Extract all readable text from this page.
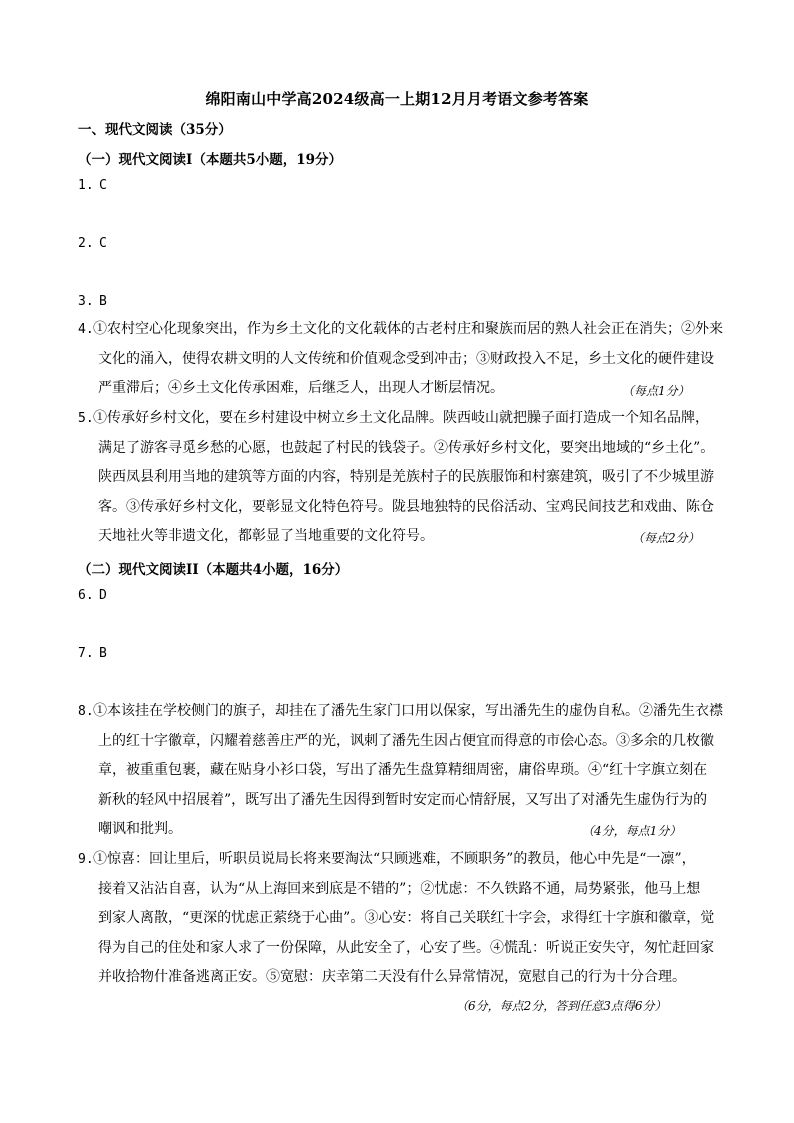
绵阳南山中学高2024级高一上期12月月考语文参考答案
一、现代文阅读（35分）
（一）现代文阅读Ⅰ（本题共5小题，19分）
1. C
2. C
3. B
4. ①农村空心化现象突出，作为乡土文化的文化载体的古老村庄和聚族而居的熟人社会正在消失；②外来
文化的涌入，使得农耕文明的人文传统和价值观念受到冲击；③财政投入不足，乡土文化的硬件建设
严重滞后；④乡土文化传承困难，后继乏人，出现人才断层情况。	（每点1分）
5. ①传承好乡村文化，要在乡村建设中树立乡土文化品牌。陕西岐山就把臊子面打造成一个知名品牌，
满足了游客寻觅乡愁的心愿，也鼓起了村民的钱袋子。②传承好乡村文化，要突出地域的“乡土化”。
陕西凤县利用当地的建筑等方面的内容，特别是羌族村子的民族服饰和村寨建筑，吸引了不少城里游
客。③传承好乡村文化，要彰显文化特色符号。陇县地独特的民俗活动、宝鸡民间技艺和戏曲、陈仓
天地社火等非遗文化，都彰显了当地重要的文化符号。	（每点2分）
（二）现代文阅读II（本题共4小题，16分）
6. D
7. B
8. ①本该挂在学校侧门的旗子，却挂在了潘先生家门口用以保家，写出潘先生的虚伪自私。②潘先生衣襟
上的红十字徽章，闪耀着慈善庄严的光，讽刺了潘先生因占便宜而得意的市侩心态。③多余的几枚徽
章，被重重包裹，藏在贴身小衫口袋，写出了潘先生盘算精细周密，庸俗卑琐。④“红十字旗立刻在
新秋的轻风中招展着”，既写出了潘先生因得到暂时安定而心情舒展，又写出了对潘先生虚伪行为的
嘲讽和批判。	（4分，每点1分）
9. ①惊喜：回让里后，听职员说局长将来要淘汰“只顾逃难，不顾职务”的教员，他心中先是“一凛”，
接着又沾沾自喜，认为“从上海回来到底是不错的”；②忧虑：不久铁路不通，局势紧张，他马上想
到家人离散，“更深的忧虑正萦绕于心曲”。③心安：将自己关联红十字会，求得红十字旗和徽章，觉
得为自己的住处和家人求了一份保障，从此安全了，心安了些。④慌乱：听说正安失守，匆忙赶回家
并收拾物什准备逃离正安。⑤宽慰：庆幸第二天没有什么异常情况，宽慰自己的行为十分合理。
（6分，每点2分，答到任意3点得6分）
